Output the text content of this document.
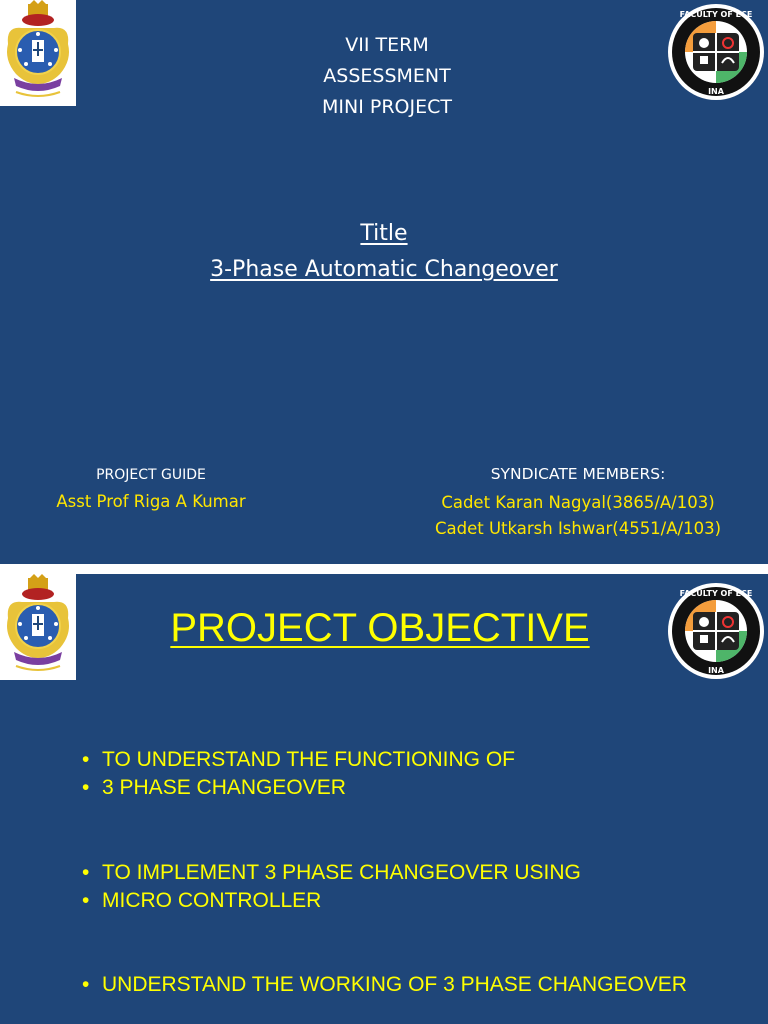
VII TERM
ASSESSMENT
MINI PROJECT
FACULTY OF ECE
INA
Title
3-Phase Automatic Changeover
PROJECT GUIDE
Asst Prof Riga A Kumar
SYNDICATE MEMBERS:
Cadet Karan Nagyal(3865/A/103)
Cadet Utkarsh Ishwar(4551/A/103)
PROJECT OBJECTIVE
FACULTY OF ECE
INA
• TO UNDERSTAND THE FUNCTIONING OF
• 3 PHASE CHANGEOVER
• TO IMPLEMENT 3 PHASE CHANGEOVER USING
• MICRO CONTROLLER
• UNDERSTAND THE WORKING OF 3 PHASE CHANGEOVER
